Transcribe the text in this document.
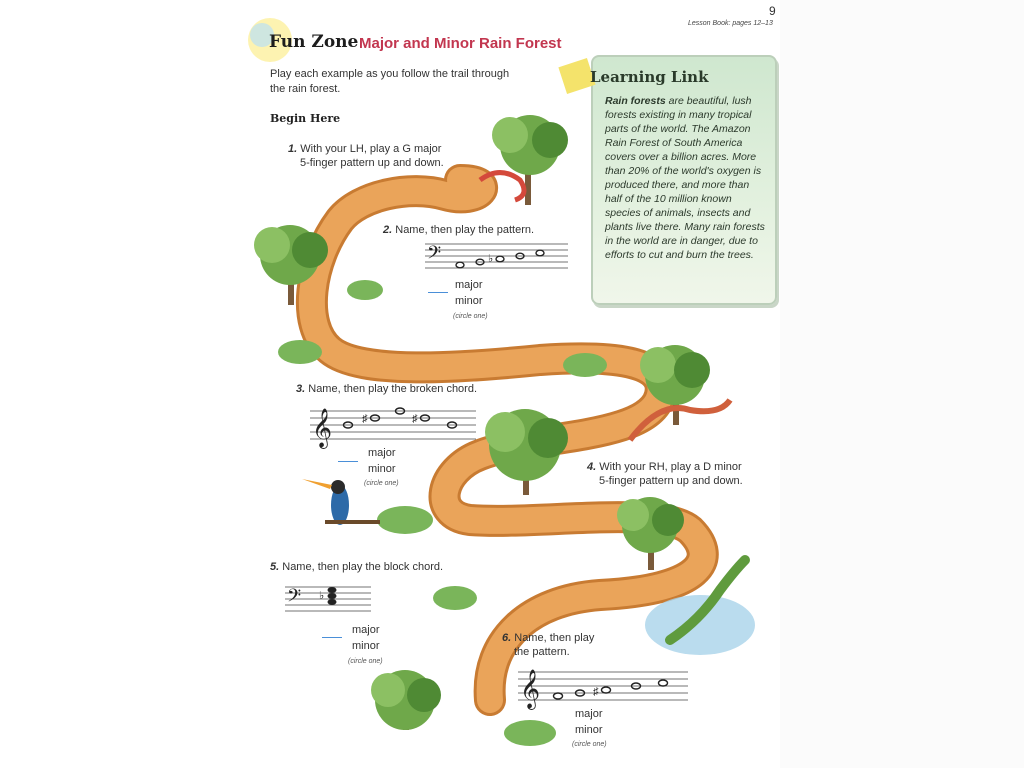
9
Lesson Book: pages 12–13
Fun Zone Major and Minor Rain Forest
Play each example as you follow the trail through the rain forest.
Begin Here
Learning Link
Rain forests are beautiful, lush forests existing in many tropical parts of the world. The Amazon Rain Forest of South America covers over a billion acres. More than 20% of the world's oxygen is produced there, and more than half of the 10 million known species of animals, insects and plants live there. Many rain forests in the world are in danger, due to efforts to cut and burn the trees.
1. With your LH, play a G major
5-finger pattern up and down.
2. Name, then play the pattern.
𝄢	♭
major
minor
(circle one)
3. Name, then play the broken chord.
𝄞	♯	♯
major
minor
(circle one)
4. With your RH, play a D minor
5-finger pattern up and down.
5. Name, then play the block chord.
𝄢 ♭
major
minor
(circle one)
6. Name, then play
the pattern.
𝄞	♯
major
minor
(circle one)
